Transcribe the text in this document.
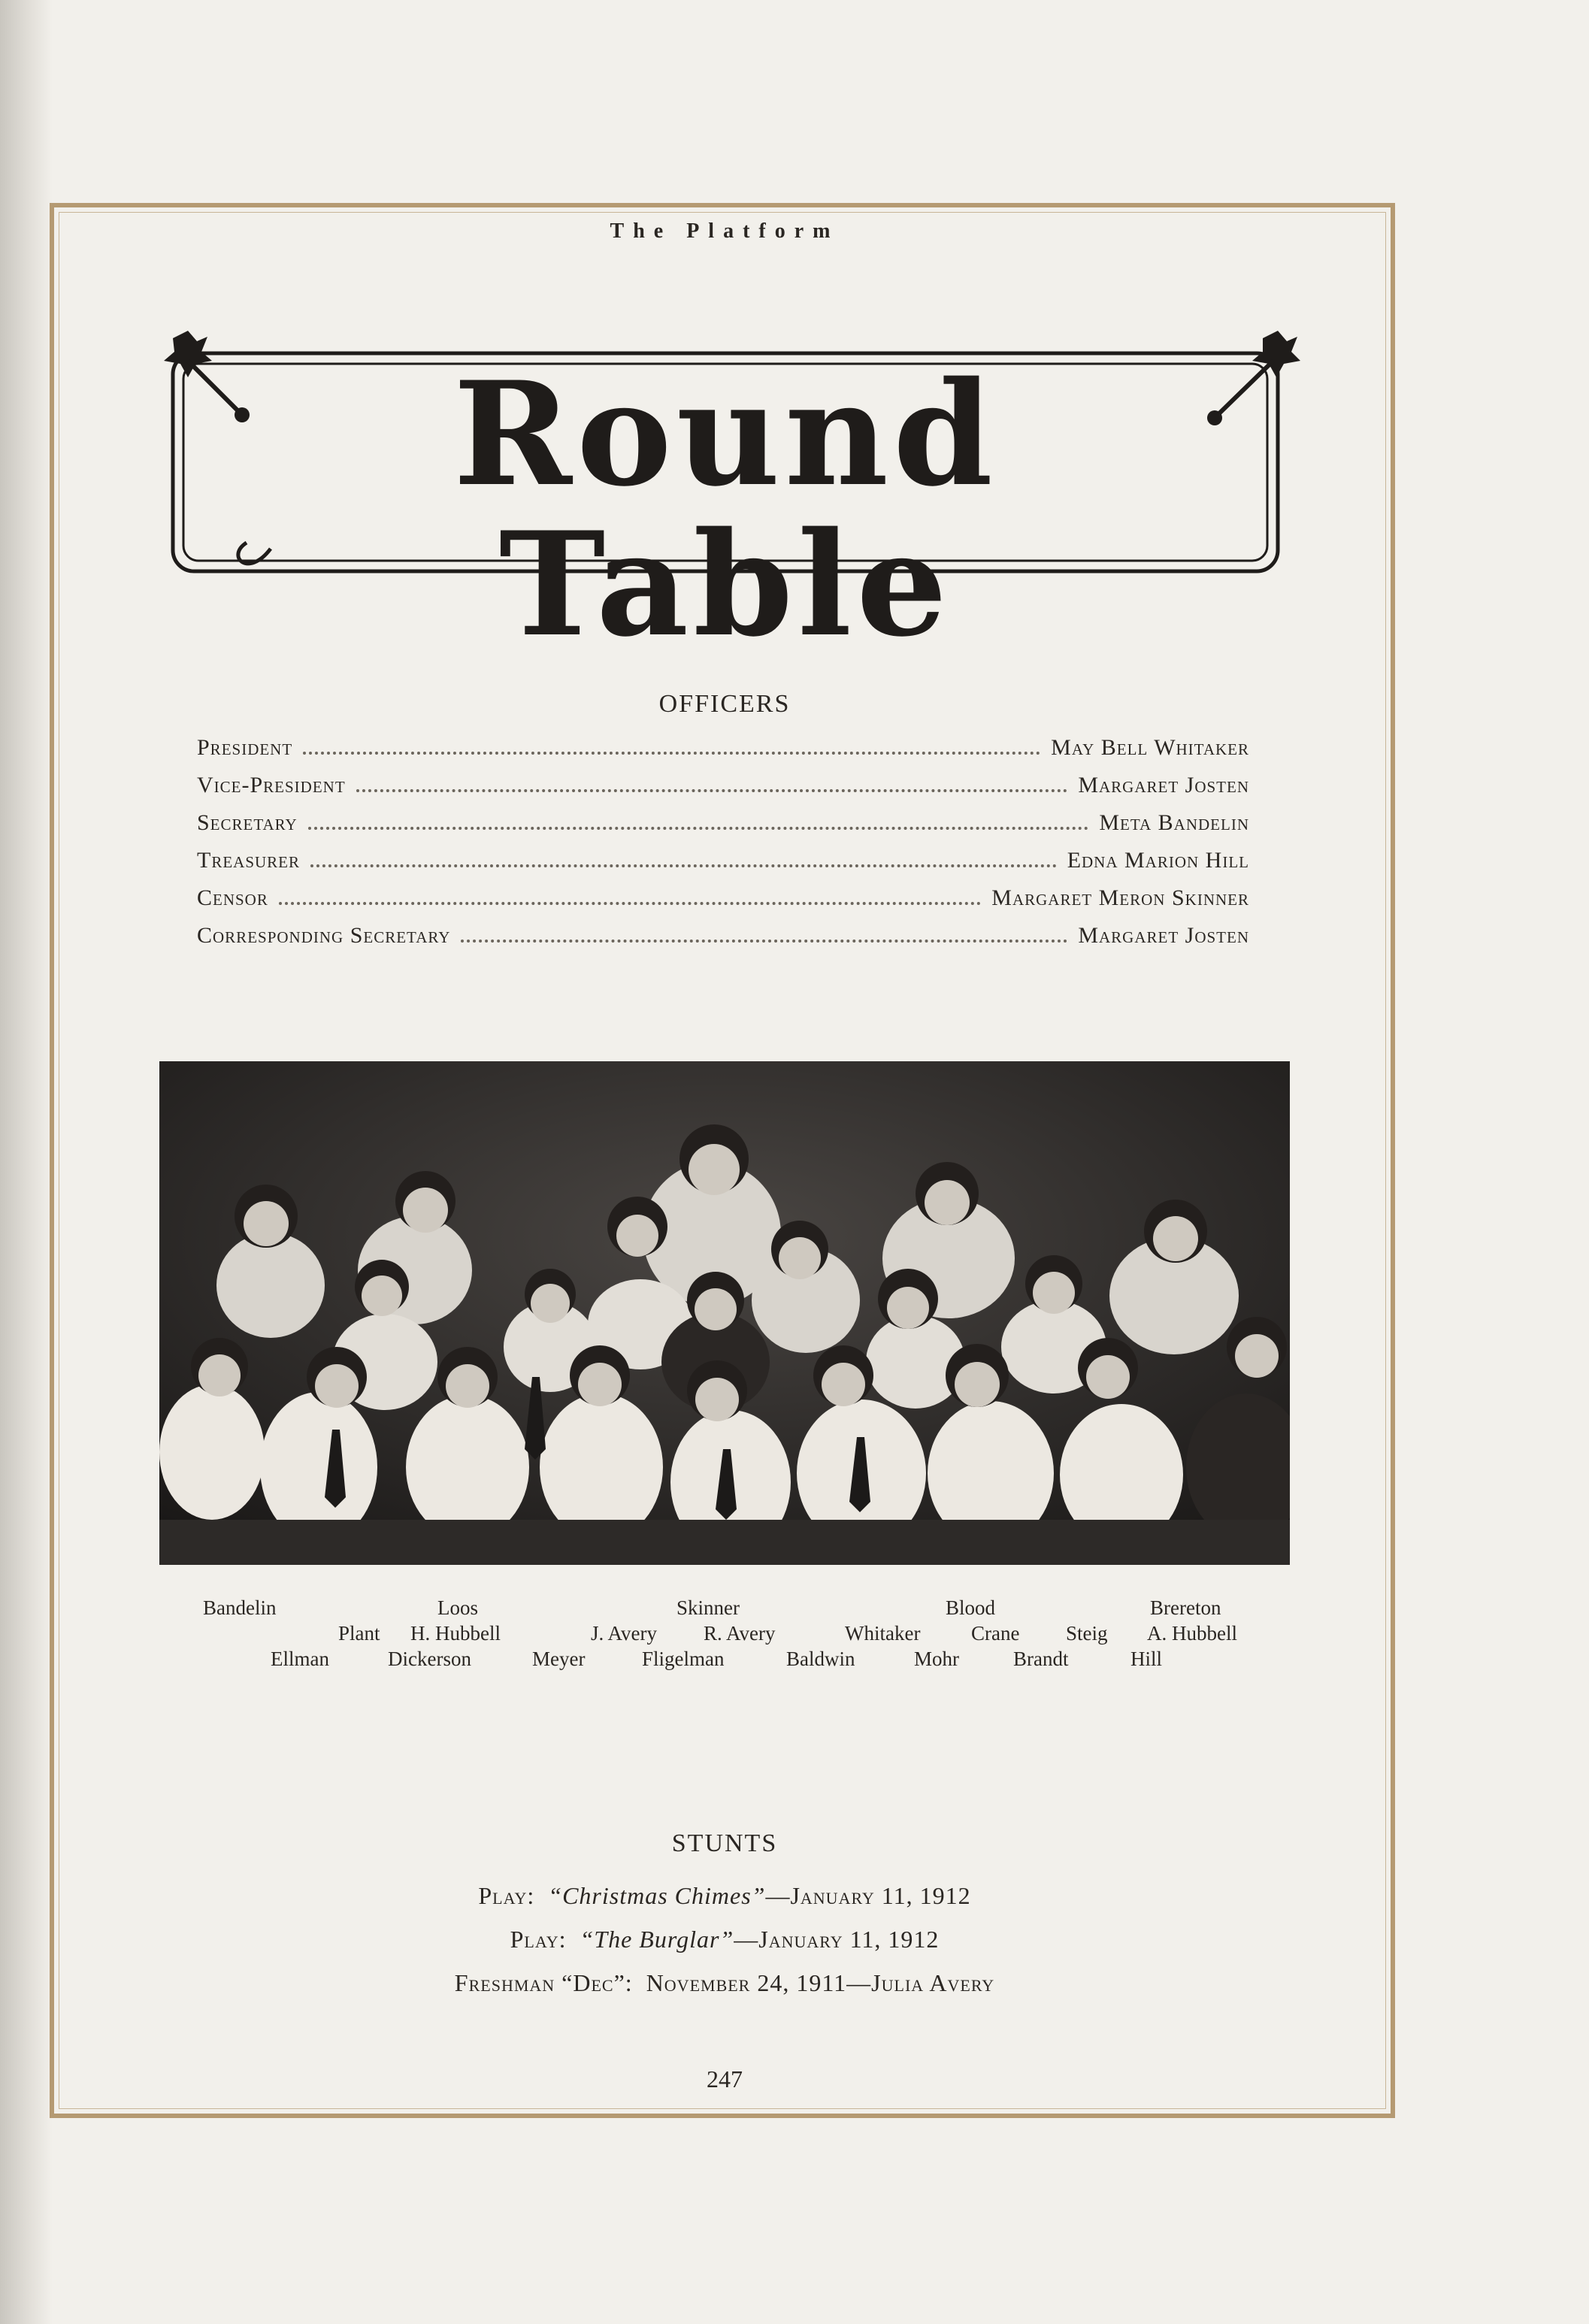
The Platform
Round Table
OFFICERS
President	May Bell Whitaker
Vice-President	Margaret Josten
Secretary	Meta Bandelin
Treasurer	Edna Marion Hill
Censor	Margaret Meron Skinner
Corresponding Secretary	Margaret Josten
Bandelin	Loos	Skinner	Blood	Brereton
Plant H. Hubbell	J. Avery R. Avery	Whitaker	Crane Steig A. Hubbell
Ellman	Dickerson	Meyer	Fligelman	Baldwin	Mohr	Brandt	Hill
STUNTS
Play: “Christmas Chimes”—January 11, 1912
Play: “The Burglar”—January 11, 1912
Freshman “Dec”: November 24, 1911—Julia Avery
247
